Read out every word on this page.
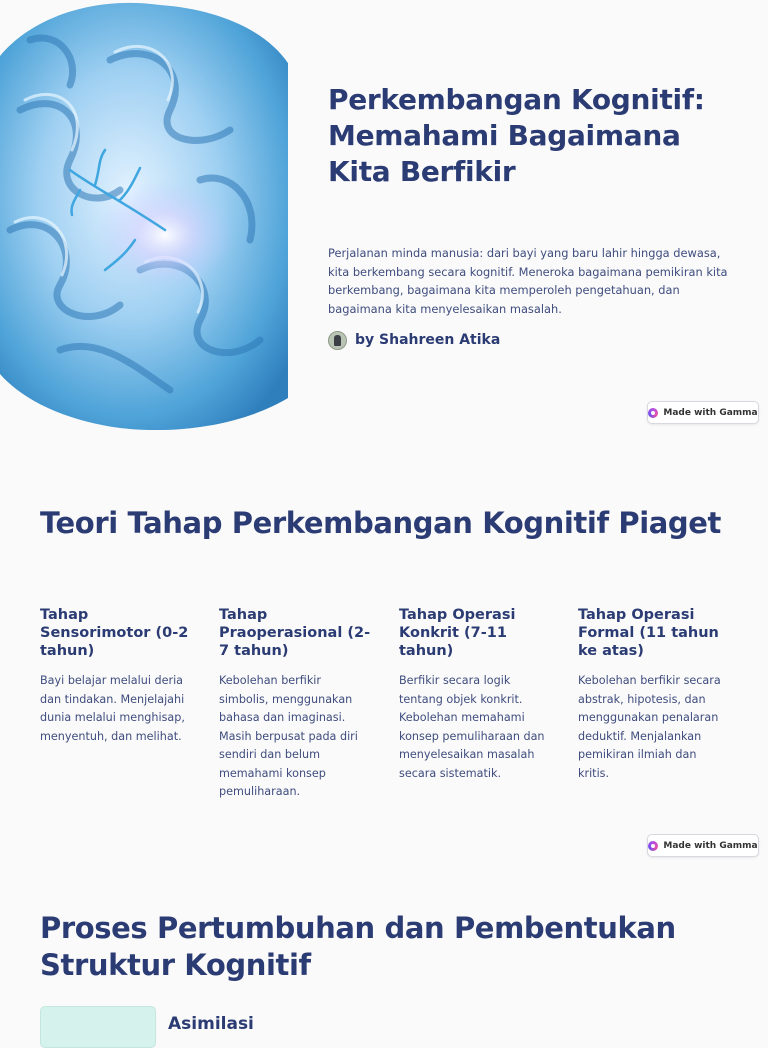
Perkembangan Kognitif: Memahami Bagaimana Kita Berfikir

Perjalanan minda manusia: dari bayi yang baru lahir hingga dewasa, kita berkembang secara kognitif. Meneroka bagaimana pemikiran kita berkembang, bagaimana kita memperoleh pengetahuan, dan bagaimana kita menyelesaikan masalah.

by Shahreen Atika
Made with Gamma
Teori Tahap Perkembangan Kognitif Piaget
Tahap Sensorimotor (0-2 tahun)

Bayi belajar melalui deria dan tindakan. Menjelajahi dunia melalui menghisap, menyentuh, dan melihat.

Tahap Praoperasional (2-7 tahun)

Kebolehan berfikir simbolis, menggunakan bahasa dan imaginasi. Masih berpusat pada diri sendiri dan belum memahami konsep pemuliharaan.

Tahap Operasi Konkrit (7-11 tahun)

Berfikir secara logik tentang objek konkrit. Kebolehan memahami konsep pemuliharaan dan menyelesaikan masalah secara sistematik.

Tahap Operasi Formal (11 tahun ke atas)

Kebolehan berfikir secara abstrak, hipotesis, dan menggunakan penalaran deduktif. Menjalankan pemikiran ilmiah dan kritis.

Made with Gamma
Proses Pertumbuhan dan Pembentukan Struktur Kognitif
Asimilasi
